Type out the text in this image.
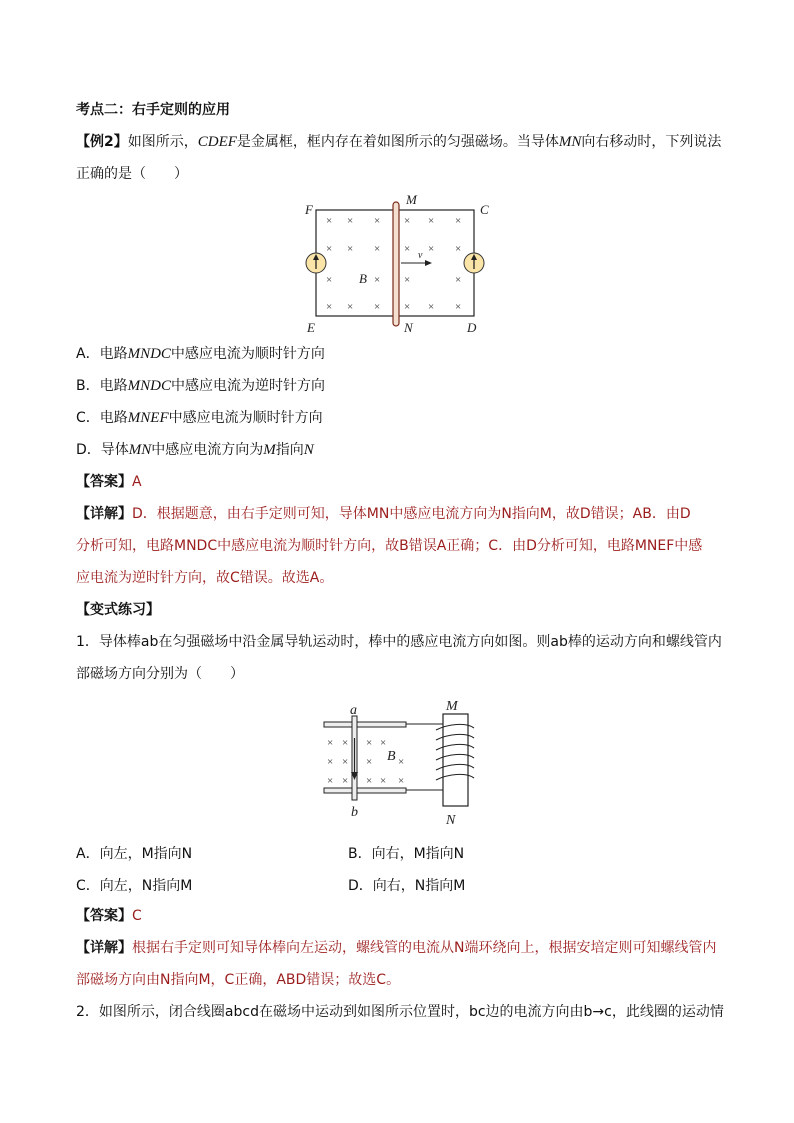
考点二：右手定则的应用
【例2】如图所示，CDEF是金属框，框内存在着如图所示的匀强磁场。当导体MN向右移动时，下列说法
正确的是（　　）
× × ×
× × ×
×	×
× × ×
× × ×
× × ×
×	×
× × ×
F	C
E	D
M
N
B
v
A．电路MNDC中感应电流为顺时针方向
B．电路MNDC中感应电流为逆时针方向
C．电路MNEF中感应电流为顺时针方向
D．导体MN中感应电流方向为M指向N
【答案】A
【详解】D．根据题意，由右手定则可知，导体MN中感应电流方向为N指向M，故D错误；AB．由D
分析可知，电路MNDC中感应电流为顺时针方向，故B错误A正确；C．由D分析可知，电路MNEF中感
应电流为逆时针方向，故C错误。故选A。
【变式练习】
1．导体棒ab在匀强磁场中沿金属导轨运动时，棒中的感应电流方向如图。则ab棒的运动方向和螺线管内
部磁场方向分别为（　　）
× × × ×
× × × ×
× × × × ×
a
b
B
M
N
A．向左，M指向N	B．向右，M指向N
C．向左，N指向M	D．向右，N指向M
【答案】C
【详解】根据右手定则可知导体棒向左运动，螺线管的电流从N端环绕向上，根据安培定则可知螺线管内
部磁场方向由N指向M，C正确，ABD错误；故选C。
2．如图所示，闭合线圈abcd在磁场中运动到如图所示位置时，bc边的电流方向由b→c，此线圈的运动情
